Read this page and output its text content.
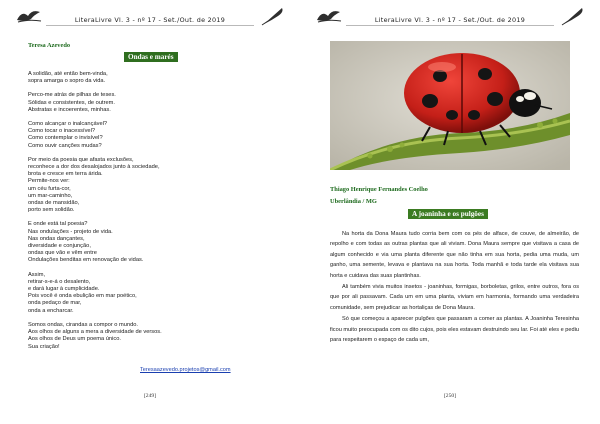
LiteraLivre Vl. 3 - nº 17 - Set./Out. de 2019
Teresa Azevedo
Ondas e marés
A solidão, até então bem-vinda,
sopra amarga o sopro da vida.
Perco-me atrás de pilhas de teses.
Sólidas e consistentes, de outrem.
Abstratas e incoerentes, minhas.
Como alcançar o inalcançável?
Como tocar o inacessível?
Como contemplar o invisível?
Como ouvir canções mudas?
Por meio da poesia que afasta exclusões,
reconhece a dor dos desalojados junto à sociedade,
brota e cresce em terra árida.
Permite-nos ver:
um céu furta-cor,
um mar-caminho,
ondas de mansidão,
porto sem solidão.
E onde está tal poesia?
Nas ondulações - projeto de vida.
Nas ondas dançantes,
diversidade e conjunção,
ondas que vão e vêm entre
Ondulações benditas em renovação de vidas.
Assim,
retirar-s-e-á o desalento,
e dará lugar à cumplicidade.
Pois você é onda ebulição em mar poético,
onda pedaço de mar,
onda a encharcar.
Somos ondas, cirandas a compor o mundo.
Aos olhos de alguns a mera a diversidade de versos.
Aos olhos de Deus um poema único.
Sua criação!
Teresaazevedo.projetos@gmail.com
[249]
LiteraLivre Vl. 3 - nº 17 - Set./Out. de 2019
Thiago Henrique Fernandes Coelho
Uberlândia / MG
A joaninha e os pulgões

Na horta da Dona Maura tudo corria bem com os pés de alface, de couve, de almeirão, de repolho e com todas as outras plantas que ali viviam. Dona Maura sempre que visitava a casa de algum conhecido e via uma planta diferente que não tinha em sua horta, pedia uma muda, um ganho, uma semente, levava e plantava na sua horta. Toda manhã e toda tarde ela visitava sua horta e cuidava das suas plantinhas.

Ali também vivia muitos insetos - joaninhas, formigas, borboletas, grilos, entre outros, fora os que por ali passavam. Cada um em uma planta, viviam em harmonia, formando uma verdadeira comunidade, sem prejudicar as hortaliças de Dona Maura.

Só que começou a aparecer pulgões que passaram a comer as plantas. A Joaninha Teresinha ficou muito preocupada com os dito cujos, pois eles estavam destruindo seu lar. Foi até eles e pediu para respeitarem o espaço de cada um,

[250]
